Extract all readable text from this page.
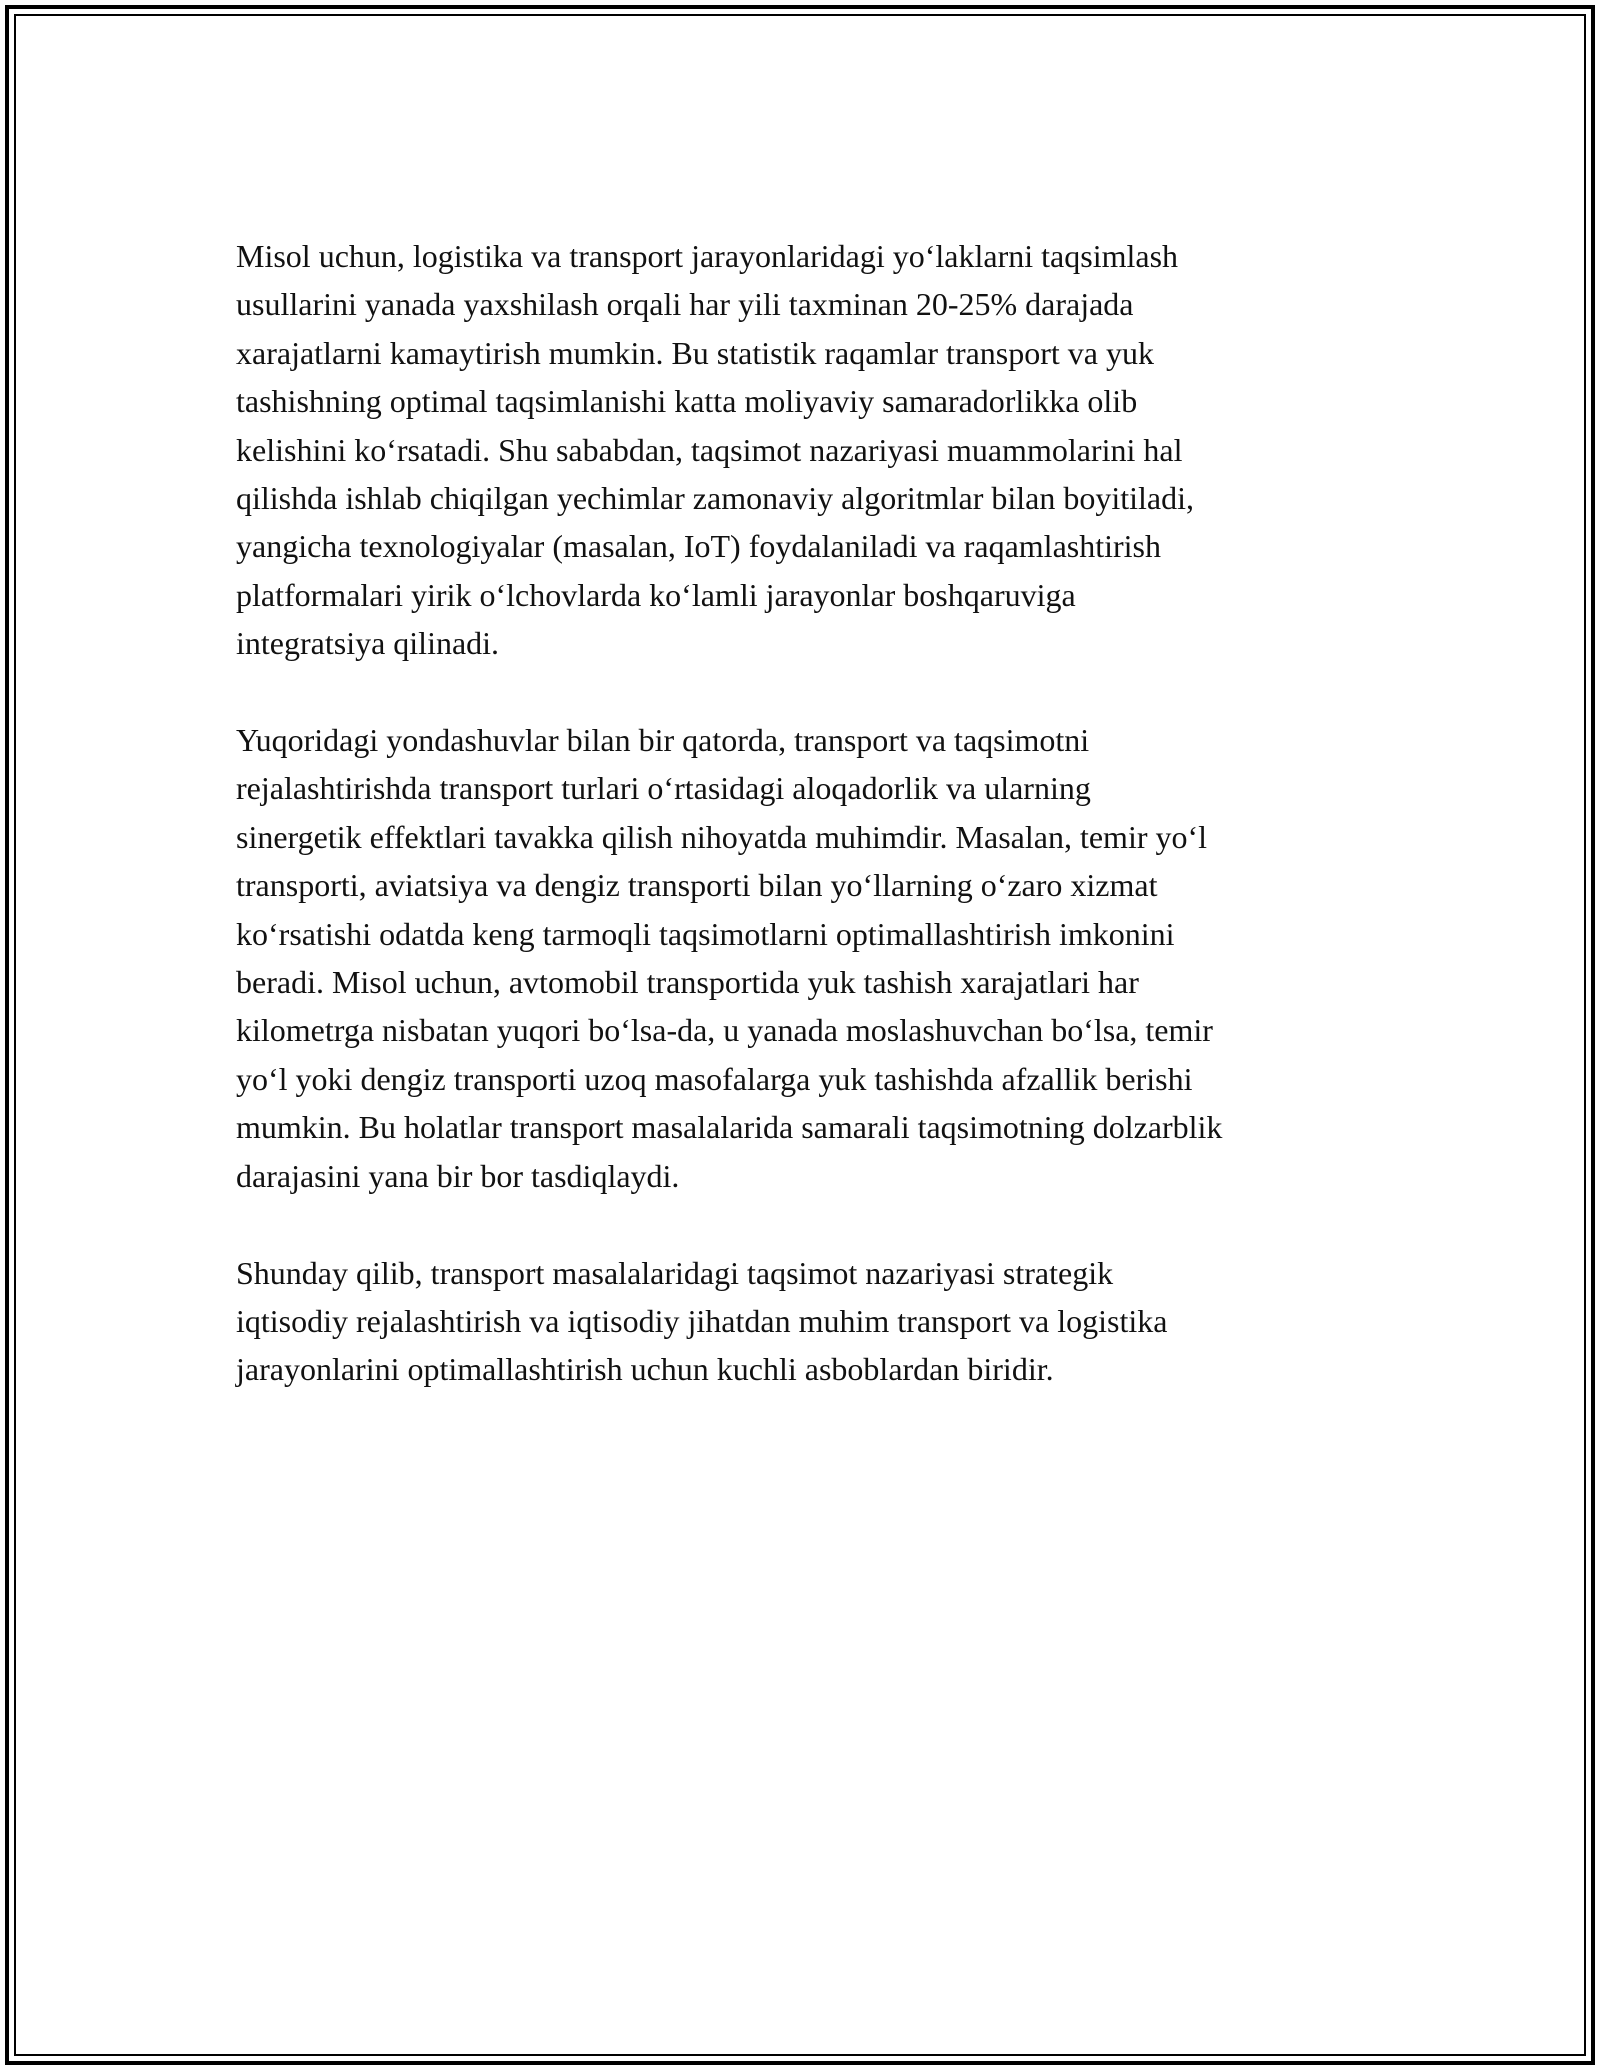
Misol uchun, logistika va transport jarayonlaridagi yo‘laklarni taqsimlash
usullarini yanada yaxshilash orqali har yili taxminan 20-25% darajada
xarajatlarni kamaytirish mumkin. Bu statistik raqamlar transport va yuk
tashishning optimal taqsimlanishi katta moliyaviy samaradorlikka olib
kelishini ko‘rsatadi. Shu sababdan, taqsimot nazariyasi muammolarini hal
qilishda ishlab chiqilgan yechimlar zamonaviy algoritmlar bilan boyitiladi,
yangicha texnologiyalar (masalan, IoT) foydalaniladi va raqamlashtirish
platformalari yirik o‘lchovlarda ko‘lamli jarayonlar boshqaruviga
integratsiya qilinadi.

Yuqoridagi yondashuvlar bilan bir qatorda, transport va taqsimotni
rejalashtirishda transport turlari o‘rtasidagi aloqadorlik va ularning
sinergetik effektlari tavakka qilish nihoyatda muhimdir. Masalan, temir yo‘l
transporti, aviatsiya va dengiz transporti bilan yo‘llarning o‘zaro xizmat
ko‘rsatishi odatda keng tarmoqli taqsimotlarni optimallashtirish imkonini
beradi. Misol uchun, avtomobil transportida yuk tashish xarajatlari har
kilometrga nisbatan yuqori bo‘lsa-da, u yanada moslashuvchan bo‘lsa, temir
yo‘l yoki dengiz transporti uzoq masofalarga yuk tashishda afzallik berishi
mumkin. Bu holatlar transport masalalarida samarali taqsimotning dolzarblik
darajasini yana bir bor tasdiqlaydi.

Shunday qilib, transport masalalaridagi taqsimot nazariyasi strategik
iqtisodiy rejalashtirish va iqtisodiy jihatdan muhim transport va logistika
jarayonlarini optimallashtirish uchun kuchli asboblardan biridir.
